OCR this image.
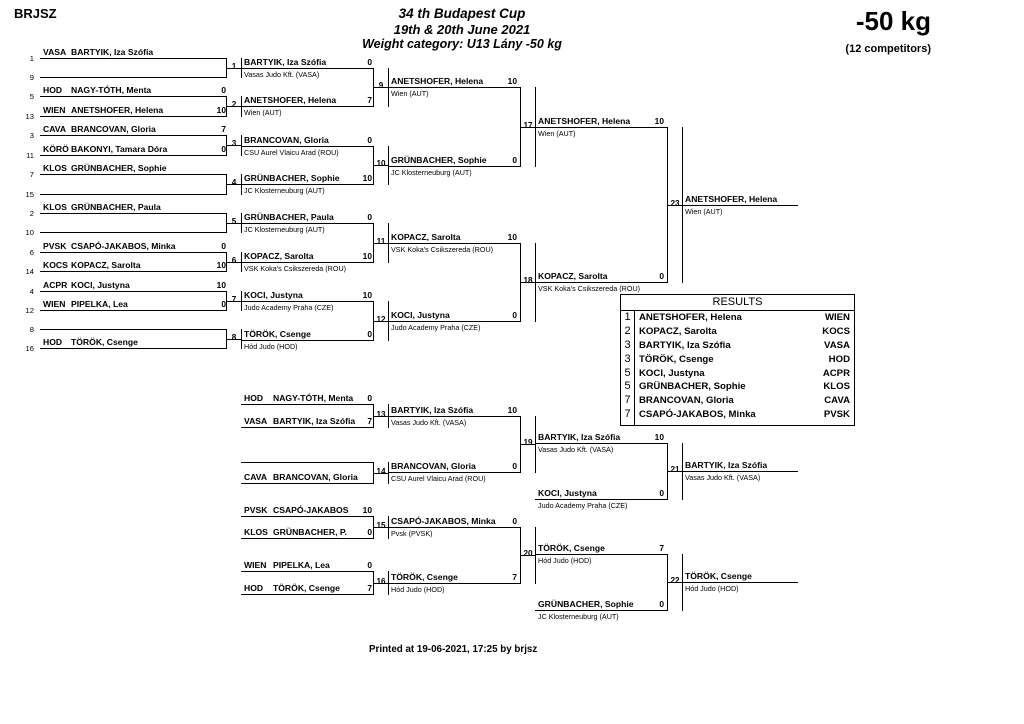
BRJSZ	34 th Budapest Cup
19th & 20th June 2021
Weight category: U13 Lány -50 kg
-50 kg
(12 competitors)
RESULTS
1 ANETSHOFER, Helena	WIEN
2 KOPACZ, Sarolta	KOCS
3 BARTYIK, Iza Szófia	VASA
3 TÖRÖK, Csenge	HOD
5 KOCI, Justyna	ACPR
5 GRÜNBACHER, Sophie	KLOS
7 BRANCOVAN, Gloria	CAVA
7 CSAPÓ-JAKABOS, Minka	PVSK
Printed at 19-06-2021, 17:25 by brjsz
1
VASA BARTYIK, Iza Szófia
9
5
HOD NAGY-TÓTH, Menta	0
13
WIEN ANETSHOFER, Helena	10
3
CAVA BRANCOVAN, Gloria	7
11
KÖRÖ BAKONYI, Tamara Dóra	0
7
KLOS GRÜNBACHER, Sophie
15
2
KLOS GRÜNBACHER, Paula
10
6
PVSK CSAPÓ-JAKABOS, Minka	0
14
KOCS KOPACZ, Sarolta	10
4
ACPR KOCI, Justyna	10
12
WIEN PIPELKA, Lea	0
8
16
HOD TÖRÖK, Csenge
1
2
3
4
5
6
7
8
BARTYIK, Iza Szófia
Vasas Judo Kft. (VASA)
0
ANETSHOFER, Helena
Wien (AUT)
7
BRANCOVAN, Gloria
CSU Aurel Vlaicu Arad (ROU)
0
GRÜNBACHER, Sophie
JC Klosterneuburg (AUT)
10
GRÜNBACHER, Paula
JC Klosterneuburg (AUT)
0
KOPACZ, Sarolta
VSK Koka's Csikszereda (ROU)
10
KOCI, Justyna
Judo Academy Praha (CZE)
10
TÖRÖK, Csenge
Hód Judo (HOD)
0
9
10
11
12
ANETSHOFER, Helena
Wien (AUT)
10
GRÜNBACHER, Sophie
JC Klosterneuburg (AUT)
0
KOPACZ, Sarolta
VSK Koka's Csikszereda (ROU)
10
KOCI, Justyna
Judo Academy Praha (CZE)
0
17
18
ANETSHOFER, Helena
Wien (AUT)
10
KOPACZ, Sarolta
VSK Koka's Csikszereda (ROU)
0
23 ANETSHOFER, Helena
Wien (AUT)
HOD NAGY-TÓTH, Menta	0
VASA BARTYIK, Iza Szófia	7
CAVA BRANCOVAN, Gloria
PVSK CSAPÓ-JAKABOS	10
KLOS GRÜNBACHER, P.	0
WIEN PIPELKA, Lea	0
HOD TÖRÖK, Csenge	7
13
14
15
16
BARTYIK, Iza Szófia
Vasas Judo Kft. (VASA)
10
BRANCOVAN, Gloria
CSU Aurel Vlaicu Arad (ROU)
0
CSAPÓ-JAKABOS, Minka
Pvsk (PVSK)
0
TÖRÖK, Csenge
Hód Judo (HOD)
7
BARTYIK, Iza Szófia
Vasas Judo Kft. (VASA)
10
KOCI, Justyna
Judo Academy Praha (CZE)
0
TÖRÖK, Csenge
Hód Judo (HOD)
7
GRÜNBACHER, Sophie
JC Klosterneuburg (AUT)
0
19
20
21 BARTYIK, Iza Szófia
Vasas Judo Kft. (VASA)
22 TÖRÖK, Csenge
Hód Judo (HOD)
